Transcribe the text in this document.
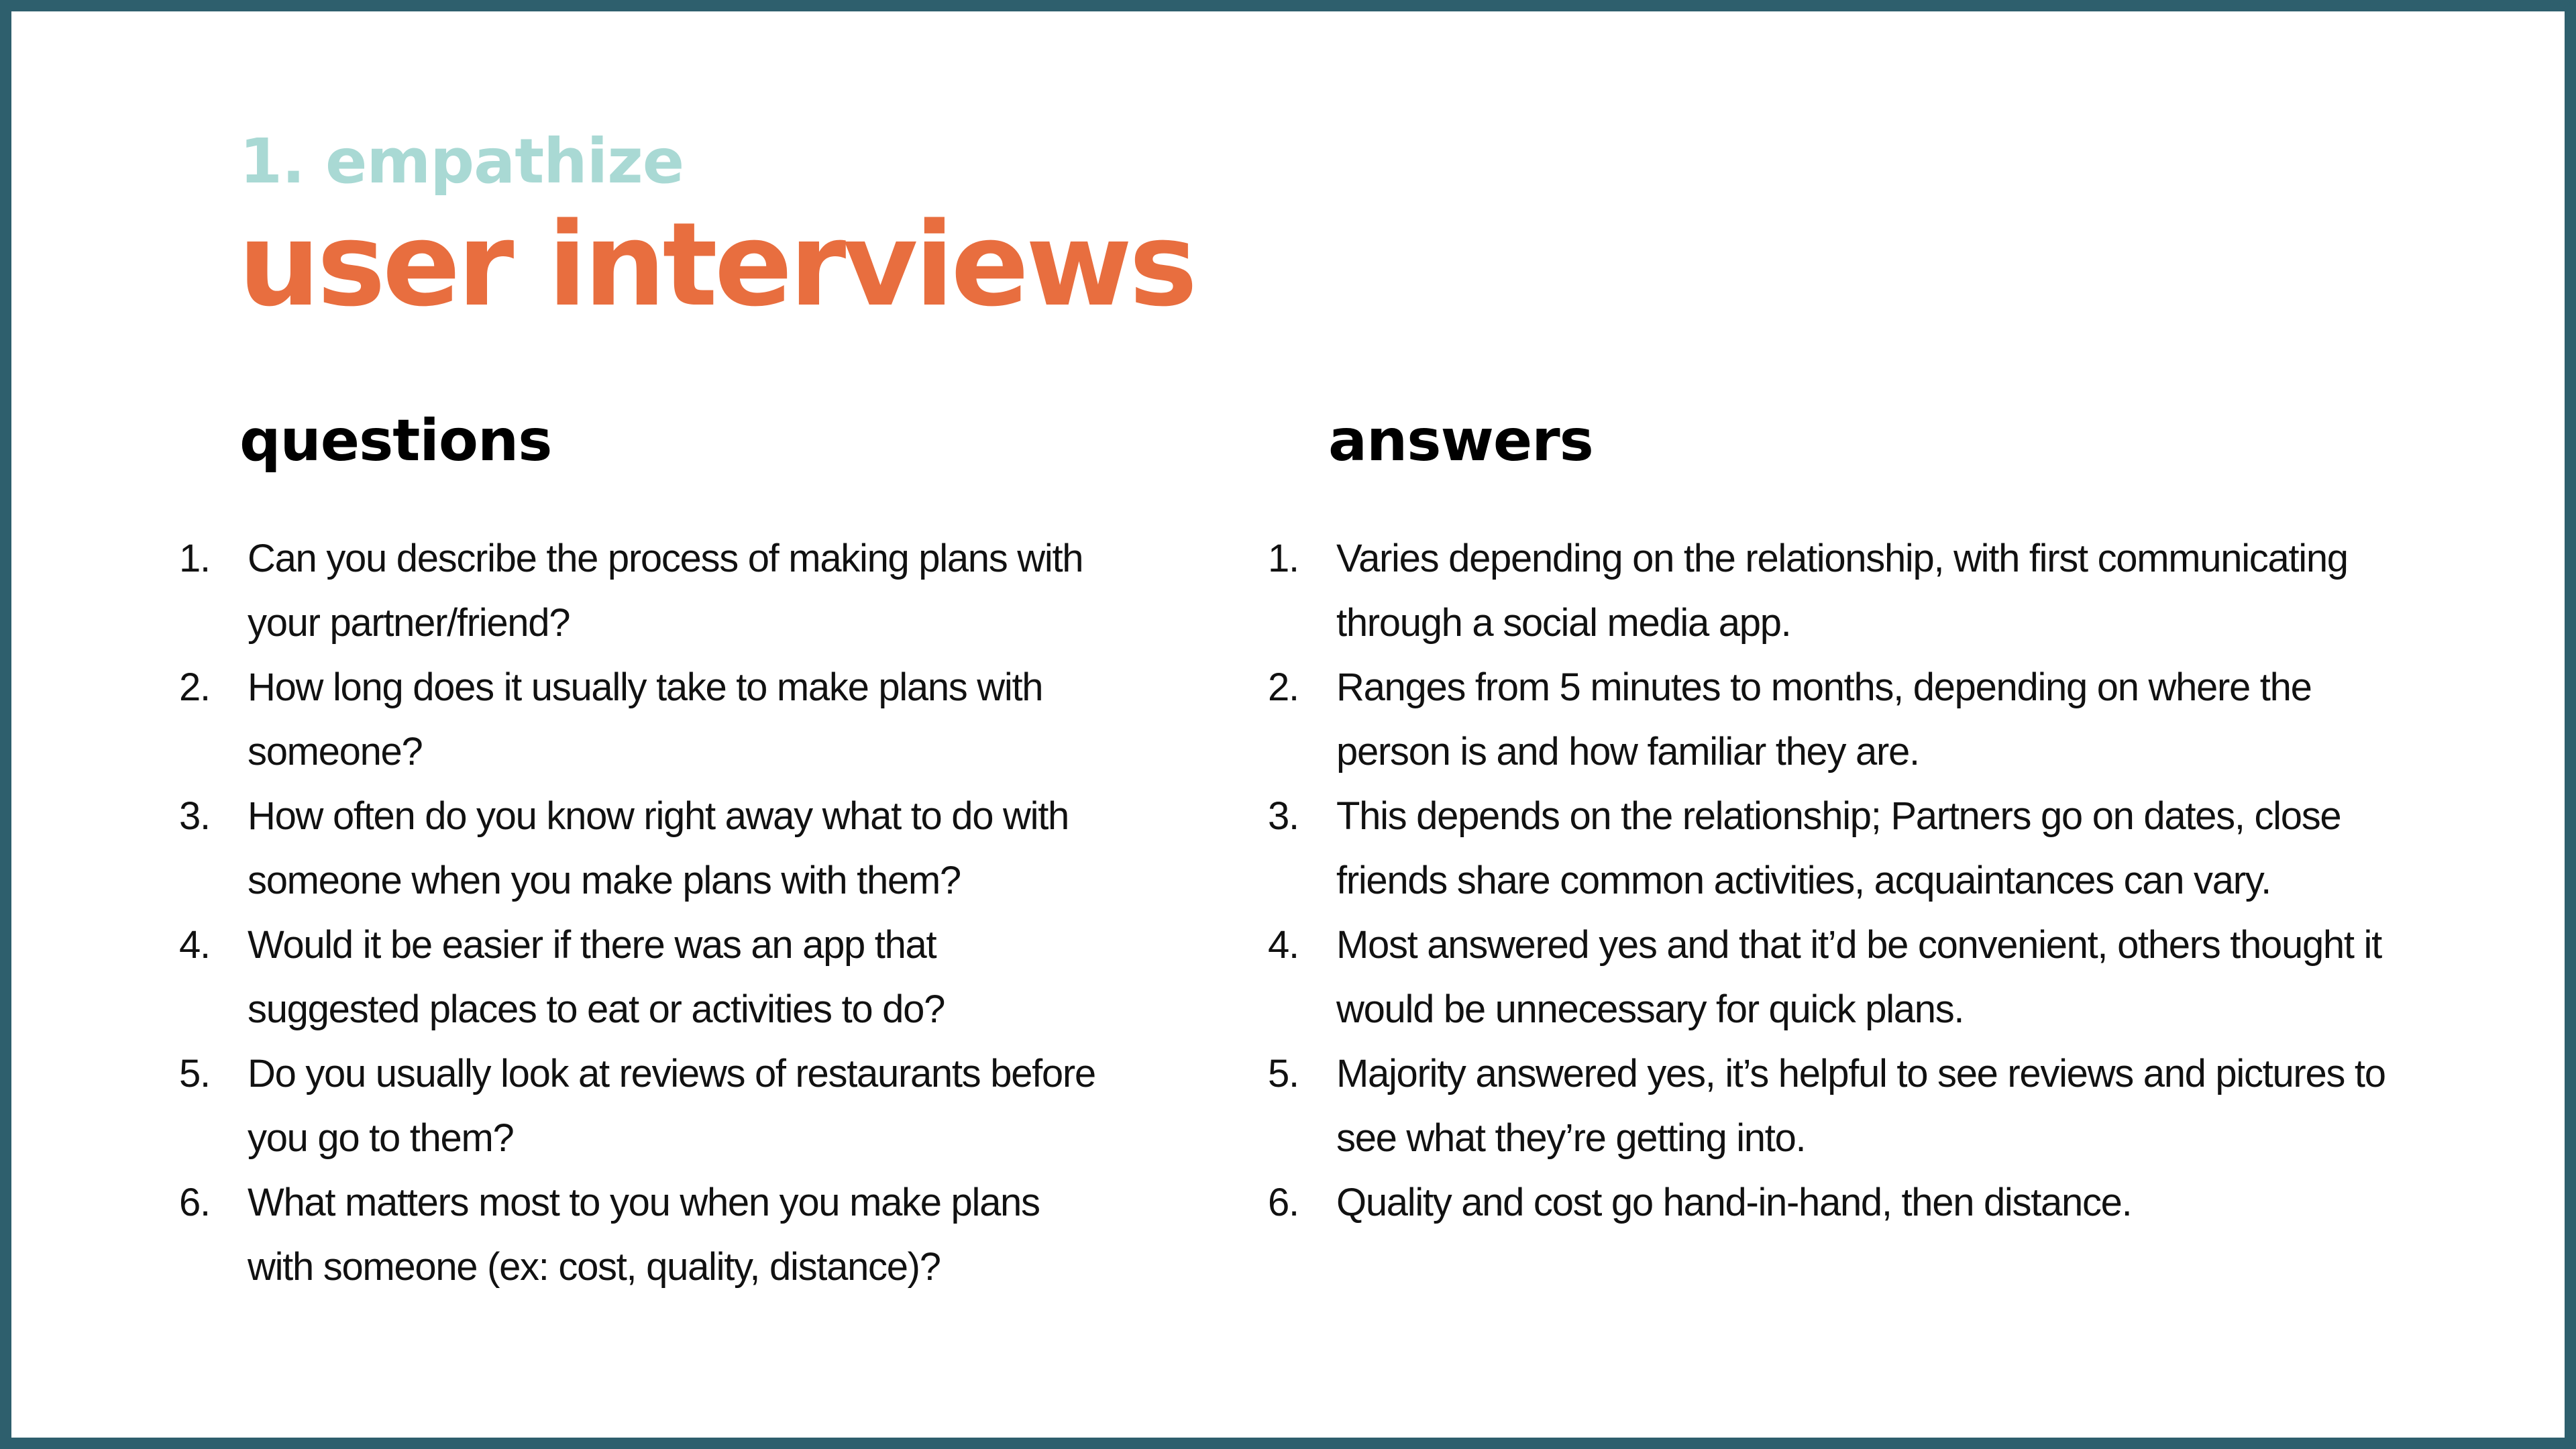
1. empathize
user interviews
questions	answers
1. Can you describe the process of making plans with
your partner/friend?
2. How long does it usually take to make plans with
someone?
3. How often do you know right away what to do with
someone when you make plans with them?
4. Would it be easier if there was an app that
suggested places to eat or activities to do?
5. Do you usually look at reviews of restaurants before
you go to them?
6. What matters most to you when you make plans
with someone (ex: cost, quality, distance)?
1. Varies depending on the relationship, with first communicating
through a social media app.
2. Ranges from 5 minutes to months, depending on where the
person is and how familiar they are.
3. This depends on the relationship; Partners go on dates, close
friends share common activities, acquaintances can vary.
4. Most answered yes and that it’d be convenient, others thought it
would be unnecessary for quick plans.
5. Majority answered yes, it’s helpful to see reviews and pictures to
see what they’re getting into.
6. Quality and cost go hand-in-hand, then distance.
